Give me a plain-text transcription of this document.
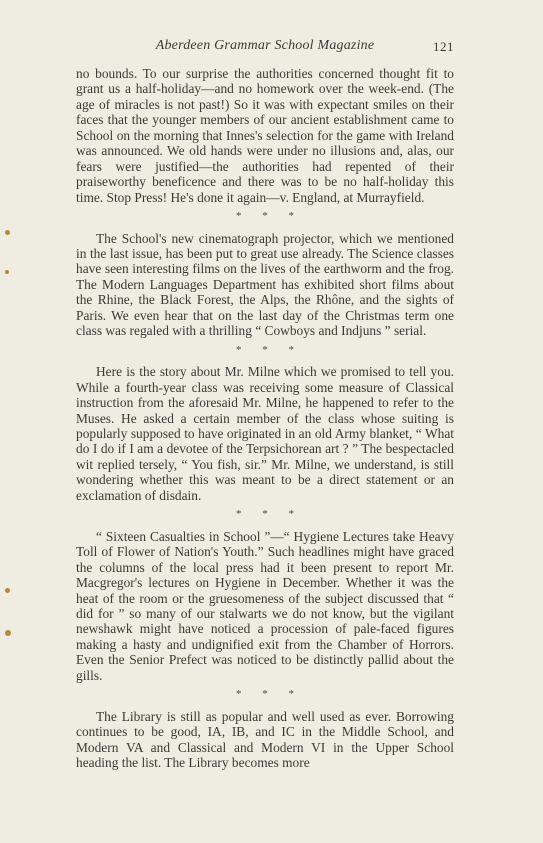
Aberdeen Grammar School Magazine	121

no bounds. To our surprise the authorities concerned thought fit to grant us a half-holiday—and no homework over the week-end. (The age of miracles is not past!) So it was with expectant smiles on their faces that the younger members of our ancient establishment came to School on the morning that Innes's selection for the game with Ireland was announced. We old hands were under no illusions and, alas, our fears were justified—the authorities had repented of their praiseworthy beneficence and there was to be no half-holiday this time. Stop Press! He's done it again—v. England, at Murrayfield.

* * *

The School's new cinematograph projector, which we mentioned in the last issue, has been put to great use already. The Science classes have seen interesting films on the lives of the earthworm and the frog. The Modern Languages Department has exhibited short films about the Rhine, the Black Forest, the Alps, the Rhône, and the sights of Paris. We even hear that on the last day of the Christmas term one class was regaled with a thrilling “ Cowboys and Indjuns ” serial.

* * *

Here is the story about Mr. Milne which we promised to tell you. While a fourth-year class was receiving some measure of Classical instruction from the aforesaid Mr. Milne, he happened to refer to the Muses. He asked a certain member of the class whose suiting is popularly supposed to have originated in an old Army blanket, “ What do I do if I am a devotee of the Terpsichorean art ? ” The bespectacled wit replied tersely, “ You fish, sir.” Mr. Milne, we understand, is still wondering whether this was meant to be a direct statement or an exclamation of disdain.

* * *

“ Sixteen Casualties in School ”—“ Hygiene Lectures take Heavy Toll of Flower of Nation's Youth.” Such headlines might have graced the columns of the local press had it been present to report Mr. Macgregor's lectures on Hygiene in December. Whether it was the heat of the room or the gruesomeness of the subject discussed that “ did for ” so many of our stalwarts we do not know, but the vigilant newshawk might have noticed a procession of pale-faced figures making a hasty and undignified exit from the Chamber of Horrors. Even the Senior Prefect was noticed to be distinctly pallid about the gills.

* * *

The Library is still as popular and well used as ever. Borrowing continues to be good, IA, IB, and IC in the Middle School, and Modern VA and Classical and Modern VI in the Upper School heading the list. The Library becomes more
